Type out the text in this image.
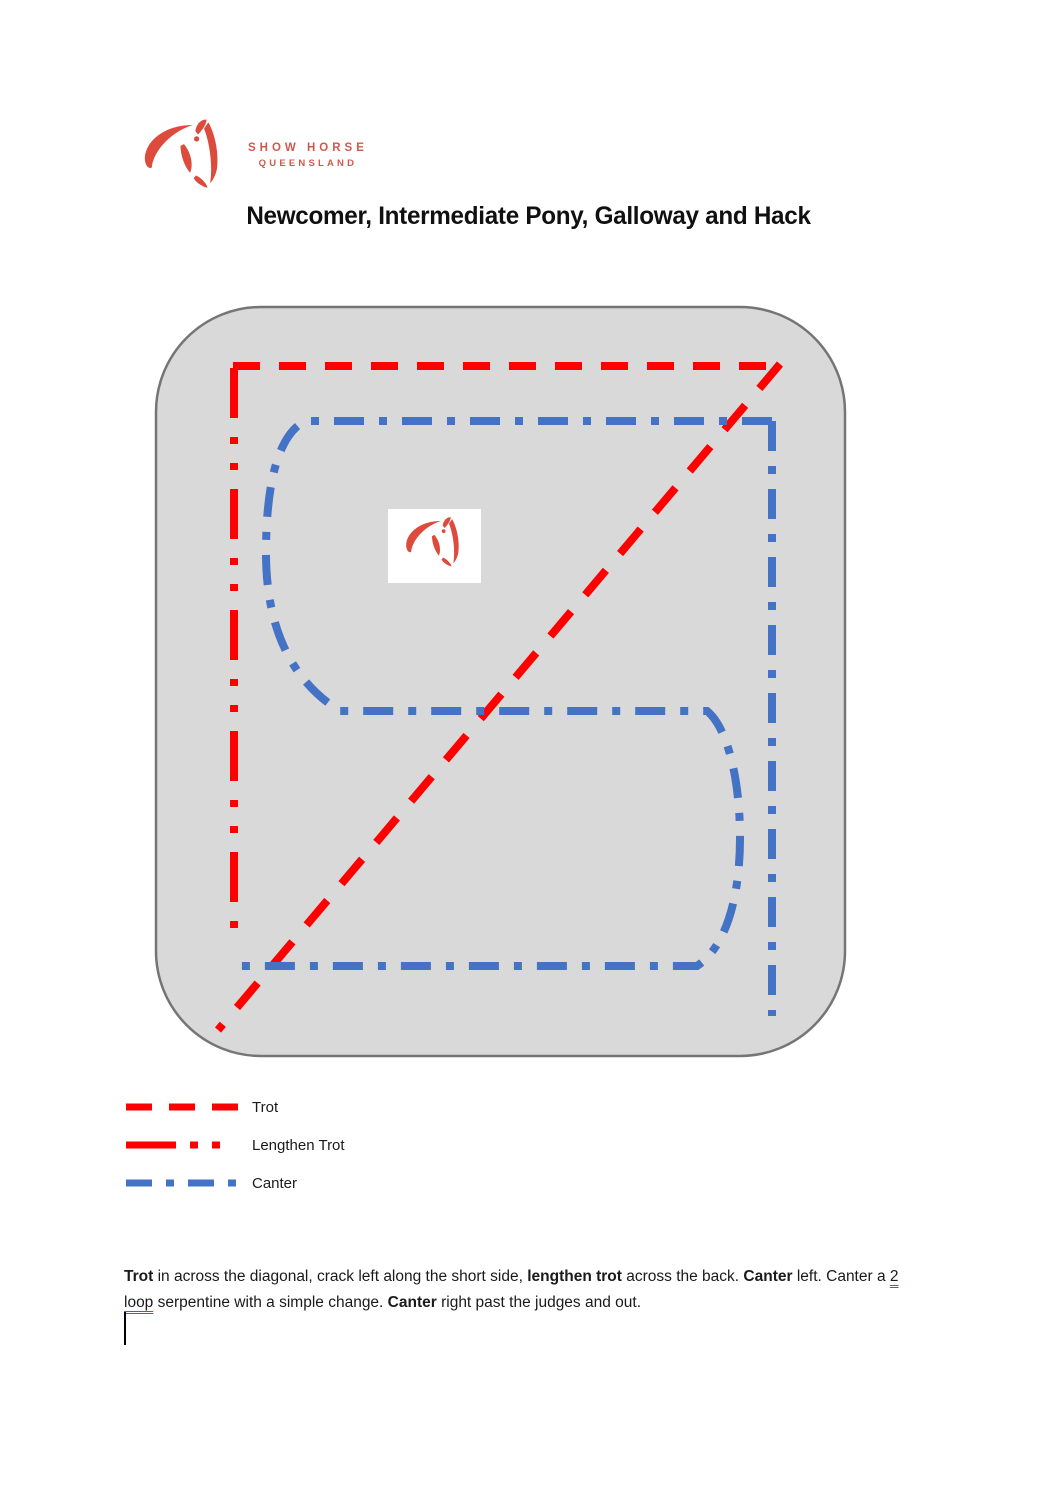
SHOW HORSE
QUEENSLAND
Newcomer, Intermediate Pony, Galloway and Hack
Trot
Lengthen Trot
Canter

Trot in across the diagonal, crack left along the short side, lengthen trot across the back. Canter left. Canter a 2
loop serpentine with a simple change. Canter right past the judges and out.
